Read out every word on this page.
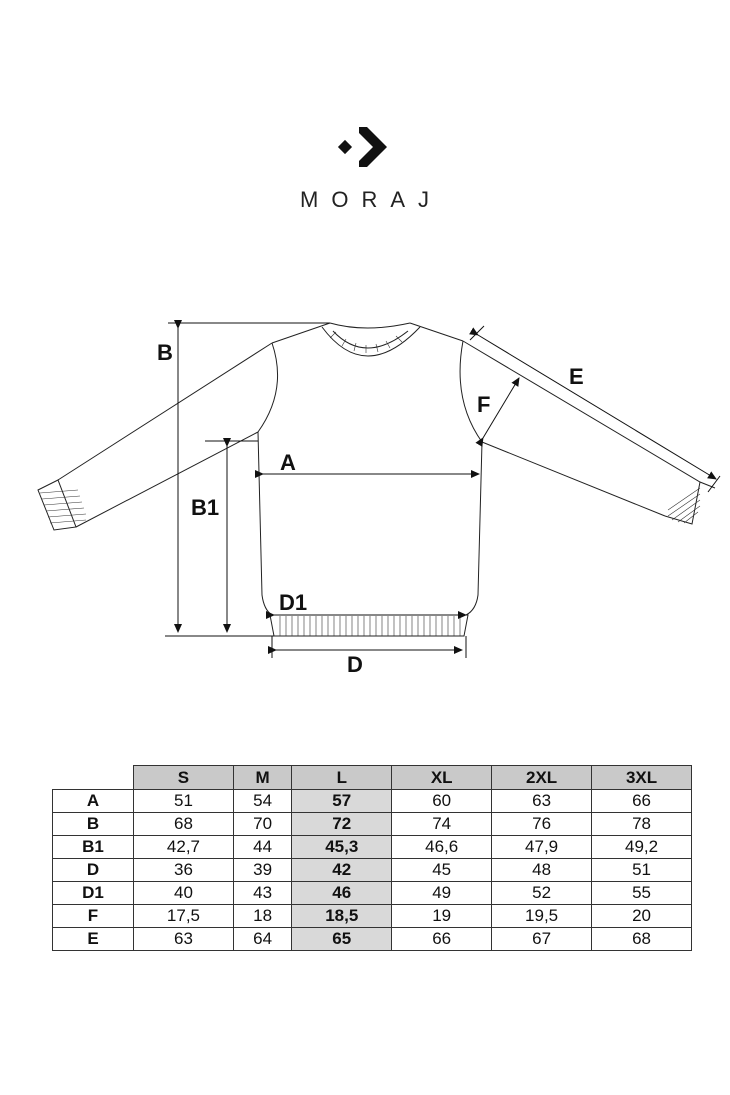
MORAJ
B
B1
A
D1
D
F
E
	S	M	L	XL	2XL	3XL
A	51	54	57	60	63	66
B	68	70	72	74	76	78
B1	42,7	44	45,3	46,6	47,9	49,2
D	36	39	42	45	48	51
D1	40	43	46	49	52	55
F	17,5	18	18,5	19	19,5	20
E	63	64	65	66	67	68
